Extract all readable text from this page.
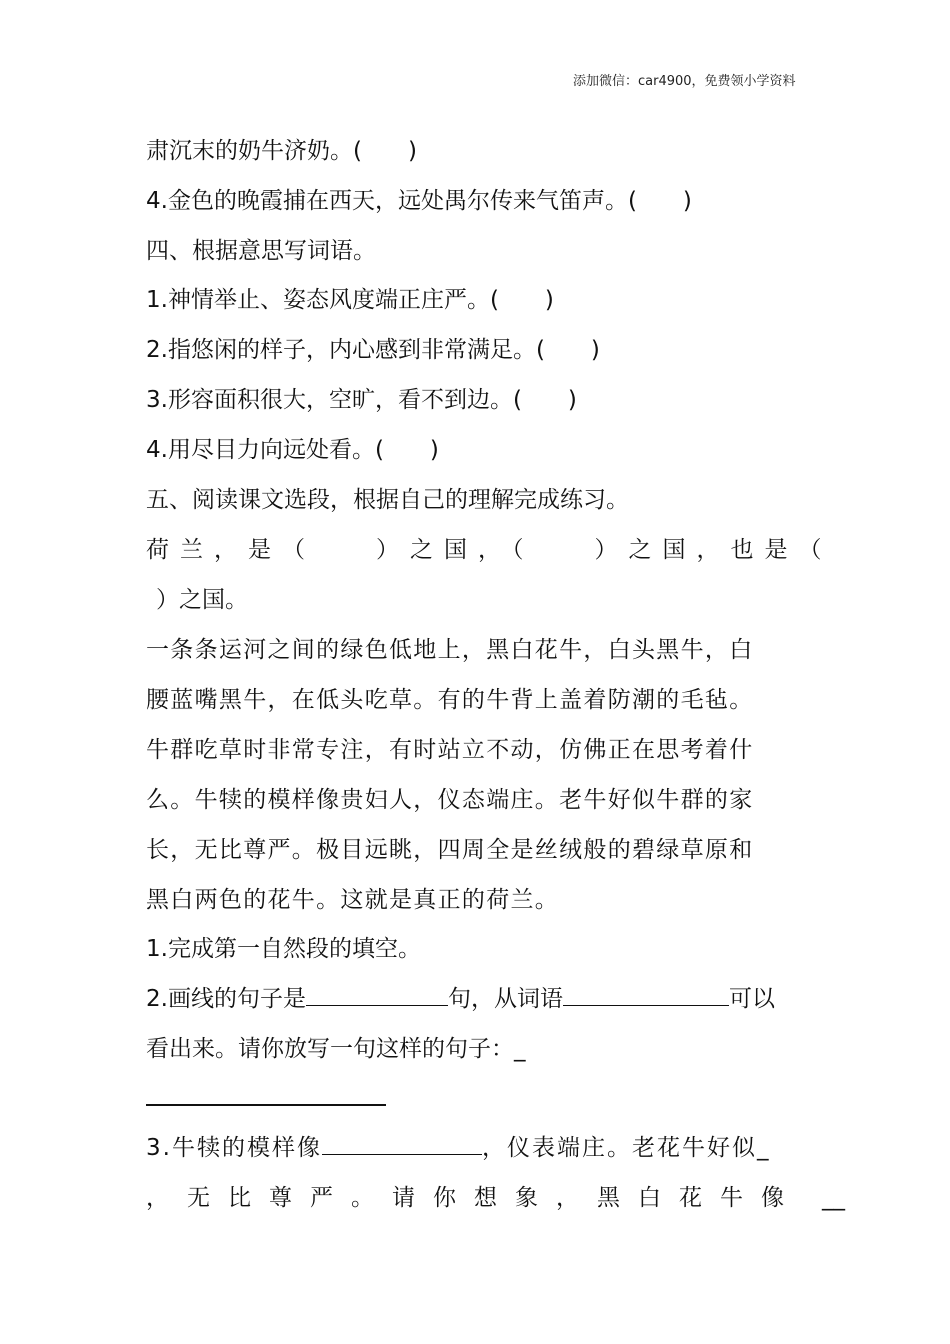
添加微信：car4900，免费领小学资料
肃沉末的奶牛济奶。(　　)
4.金色的晚霞捕在西天，远处禺尔传来气笛声。(　　)
四、根据意思写词语。
1.神情举止、姿态风度端正庄严。(　　)
2.指悠闲的样子，内心感到非常满足。(　　)
3.形容面积很大，空旷，看不到边。(　　)
4.用尽目力向远处看。(　　)
五、阅读课文选段，根据自己的理解完成练习。
荷兰，是（	）之国，（	）之国，也是（
）之国。
一条条运河之间的绿色低地上，黑白花牛，白头黑牛，白
腰蓝嘴黑牛，在低头吃草。有的牛背上盖着防潮的毛毡。
牛群吃草时非常专注，有时站立不动，仿佛正在思考着什
么。牛犊的模样像贵妇人，仪态端庄。老牛好似牛群的家
长，无比尊严。极目远眺，四周全是丝绒般的碧绿草原和
黑白两色的花牛。这就是真正的荷兰。
1.完成第一自然段的填空。
2.画线的句子是	句，从词语	可以
看出来。请你放写一句这样的句子：_
3.牛犊的模样像	，仪表端庄。老花牛好似_
，无比尊严。请你想象，黑白花牛像 __
